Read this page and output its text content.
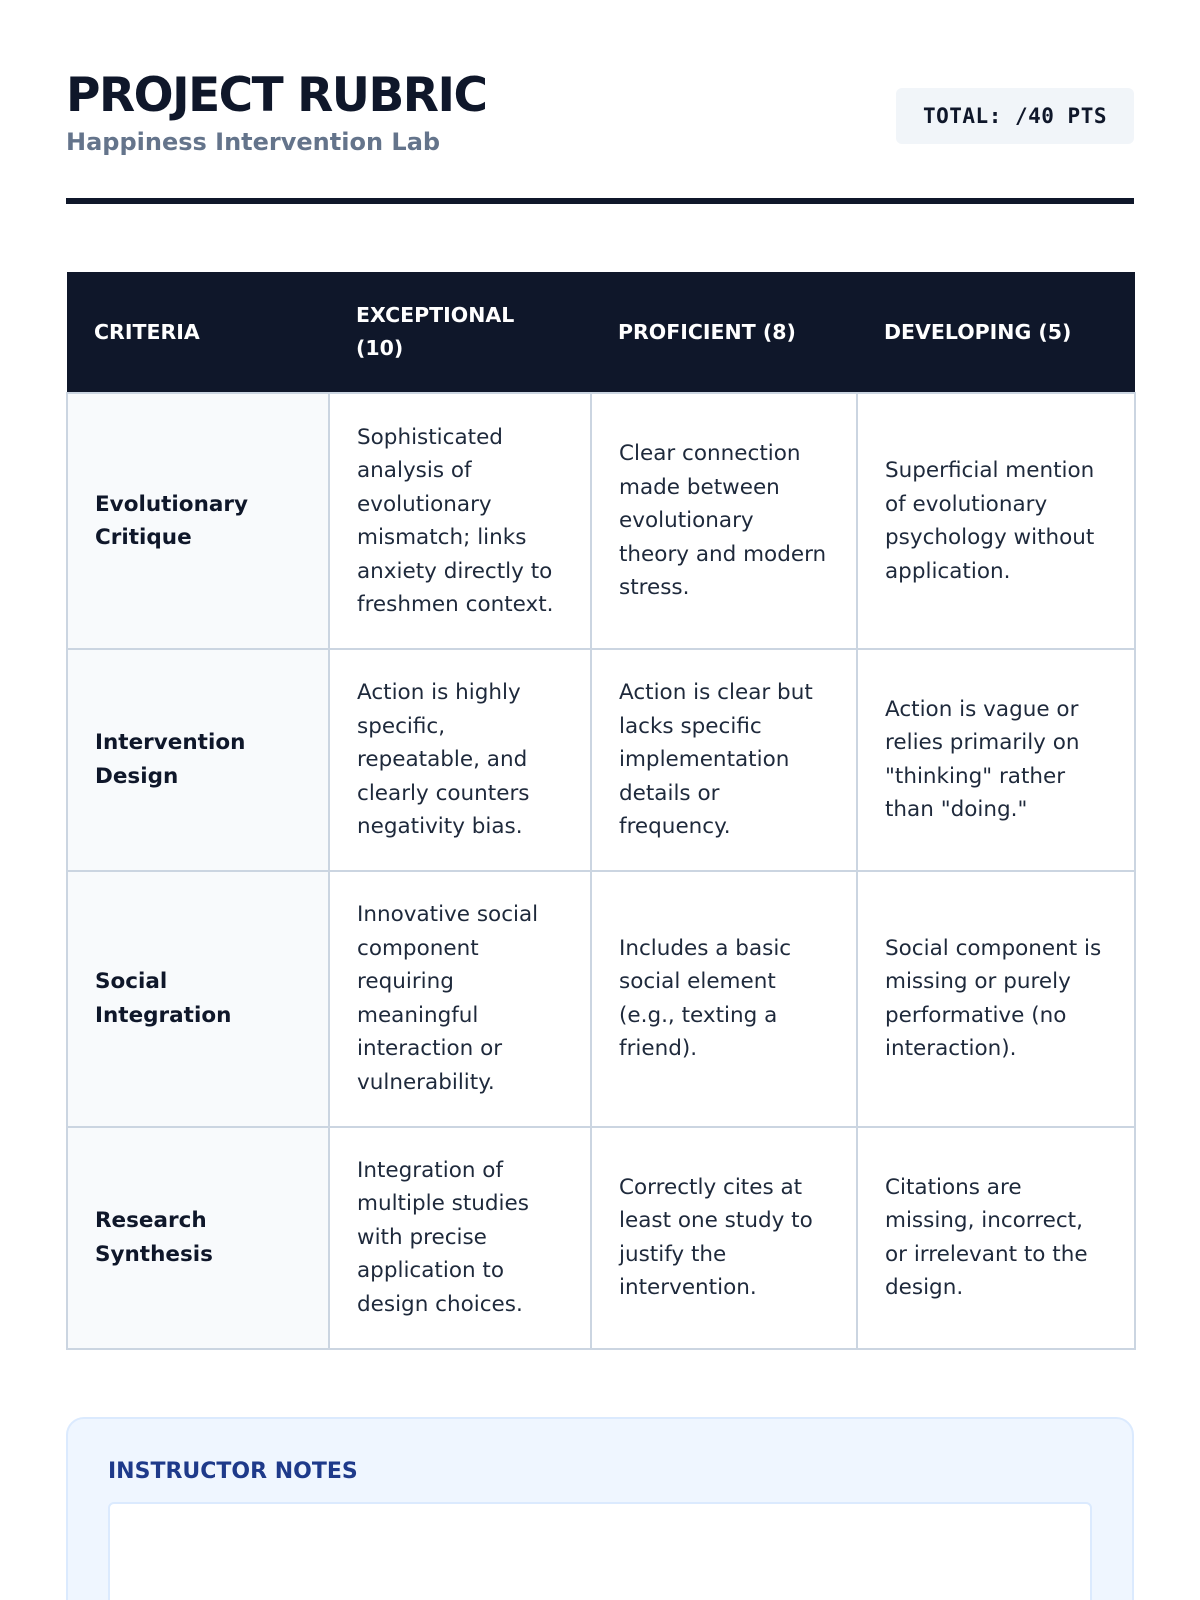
PROJECT RUBRIC
Happiness Intervention Lab
TOTAL: /40 PTS
CRITERIA	EXCEPTIONAL (10)	PROFICIENT (8)	DEVELOPING (5)
Evolutionary Critique	Sophisticated analysis of evolutionary mismatch; links anxiety directly to freshmen context.	Clear connection made between evolutionary theory and modern stress.	Superficial mention of evolutionary psychology without application.
Intervention Design	Action is highly specific, repeatable, and clearly counters negativity bias.	Action is clear but lacks specific implementation details or frequency.	Action is vague or relies primarily on "thinking" rather than "doing."
Social Integration	Innovative social component requiring meaningful interaction or vulnerability.	Includes a basic social element (e.g., texting a friend).	Social component is missing or purely performative (no interaction).
Research Synthesis	Integration of multiple studies with precise application to design choices.	Correctly cites at least one study to justify the intervention.	Citations are missing, incorrect, or irrelevant to the design.
INSTRUCTOR NOTES
